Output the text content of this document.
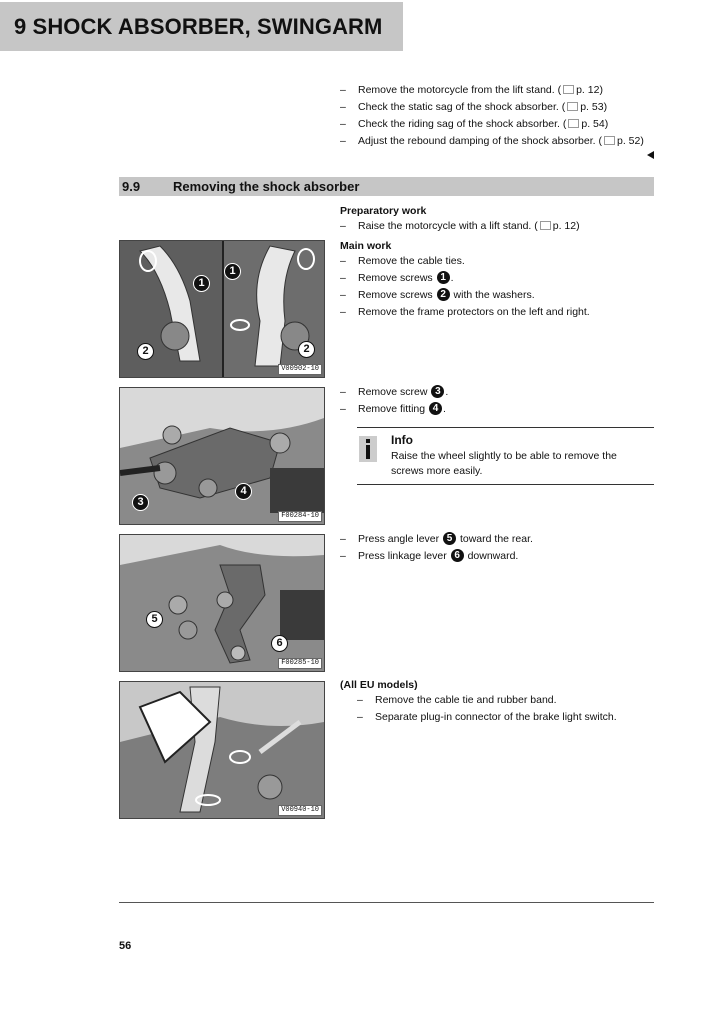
9 SHOCK ABSORBER, SWINGARM
– Remove the motorcycle from the lift stand. ( p. 12)
– Check the static sag of the shock absorber. ( p. 53)
– Check the riding sag of the shock absorber. ( p. 54)
– Adjust the rebound damping of the shock absorber. ( p. 52)
9.9	Removing the shock absorber
Preparatory work
– Raise the motorcycle with a lift stand. ( p. 12)
Main work
– Remove the cable ties.
– Remove screws 1 .
– Remove screws 2 with the washers.
– Remove the frame protectors on the left and right.
1
1
2	2
V00902-10
– Remove screw 3 .
– Remove fitting 4 .
Info
Raise the wheel slightly to be able to remove the screws more easily.
3
4
F00284-10
– Press angle lever 5 toward the rear.
– Press linkage lever 6 downward.
5
6
F00285-10
(All EU models)
– Remove the cable tie and rubber band.
– Separate plug-in connector of the brake light switch.
V00940-10
56
